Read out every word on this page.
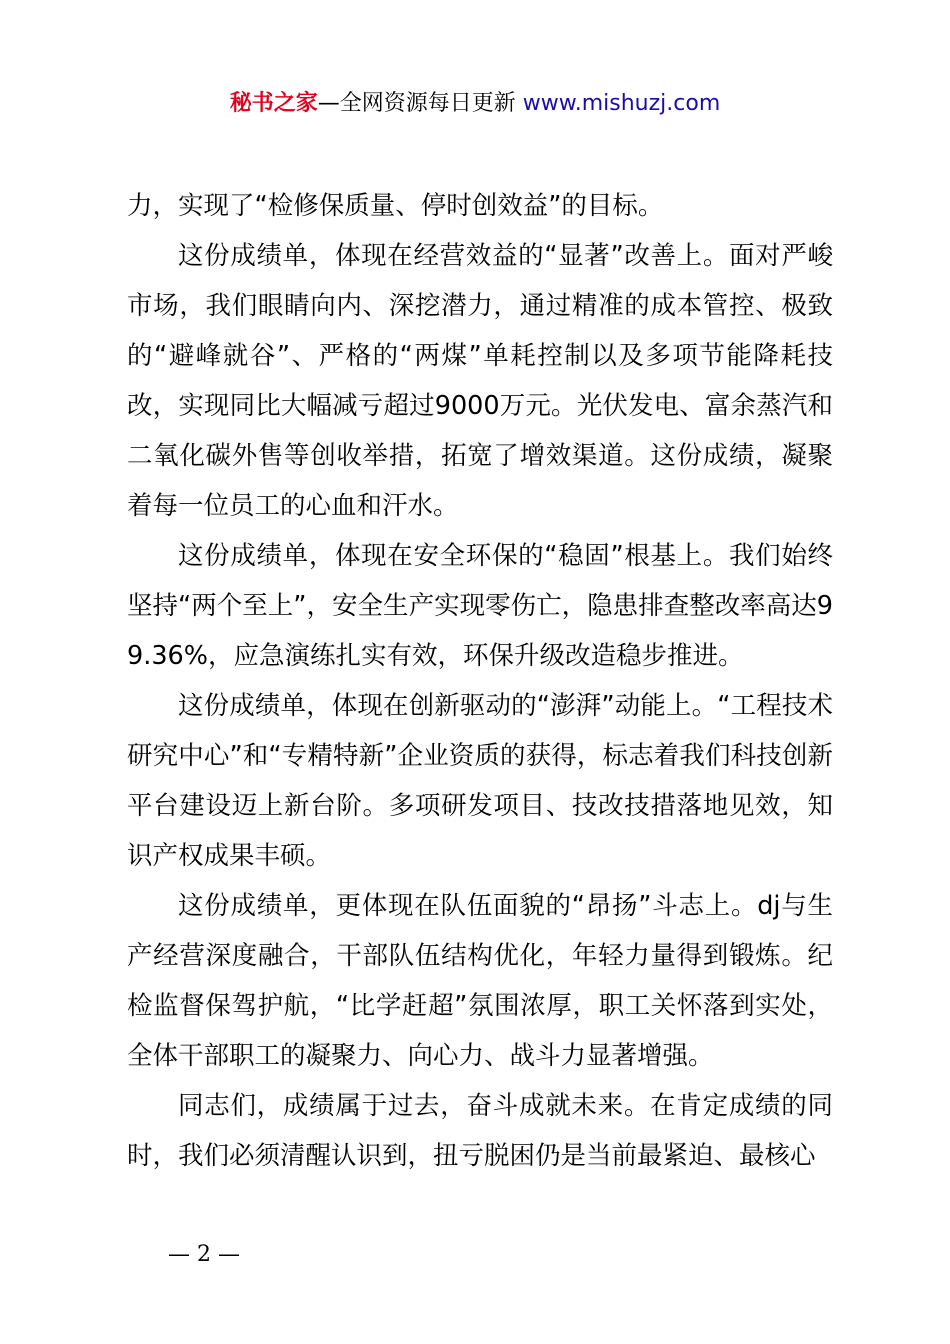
秘书之家—全网资源每日更新 www.mishuzj.com

力，实现了“检修保质量、停时创效益”的目标。

这份成绩单，体现在经营效益的“显著”改善上。面对严峻市场，我们眼睛向内、深挖潜力，通过精准的成本管控、极致的“避峰就谷”、严格的“两煤”单耗控制以及多项节能降耗技改，实现同比大幅减亏超过9000万元。光伏发电、富余蒸汽和二氧化碳外售等创收举措，拓宽了增效渠道。这份成绩，凝聚着每一位员工的心血和汗水。

这份成绩单，体现在安全环保的“稳固”根基上。我们始终坚持“两个至上”，安全生产实现零伤亡，隐患排查整改率高达99.36%，应急演练扎实有效，环保升级改造稳步推进。

这份成绩单，体现在创新驱动的“澎湃”动能上。“工程技术研究中心”和“专精特新”企业资质的获得，标志着我们科技创新平台建设迈上新台阶。多项研发项目、技改技措落地见效，知识产权成果丰硕。

这份成绩单，更体现在队伍面貌的“昂扬”斗志上。dj与生产经营深度融合，干部队伍结构优化，年轻力量得到锻炼。纪检监督保驾护航，“比学赶超”氛围浓厚，职工关怀落到实处，全体干部职工的凝聚力、向心力、战斗力显著增强。

同志们，成绩属于过去，奋斗成就未来。在肯定成绩的同时，我们必须清醒认识到，扭亏脱困仍是当前最紧迫、最核心

— 2 —
